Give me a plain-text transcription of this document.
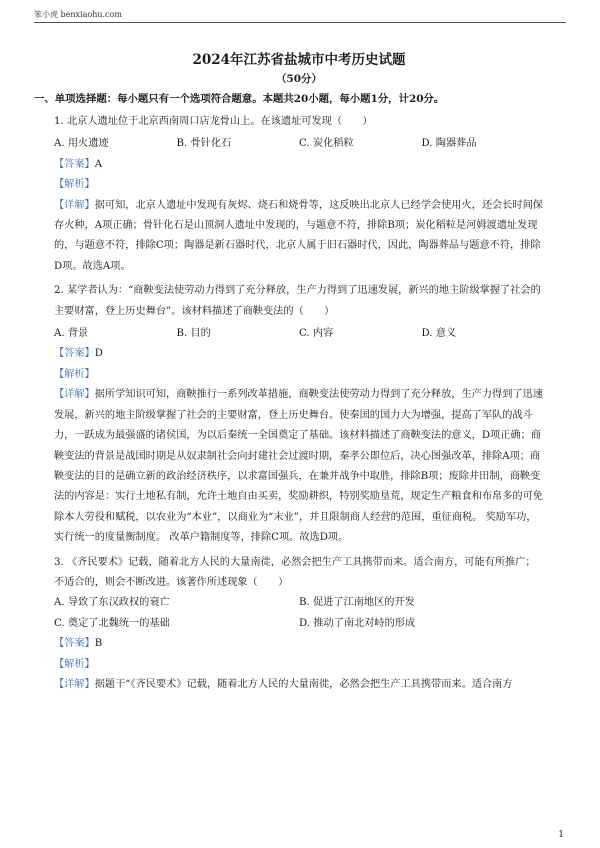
笨小虎 benxiaohu.com
2024年江苏省盐城市中考历史试题
（50分）
一、单项选择题：每小题只有一个选项符合题意。本题共20小题，每小题1分，计20分。

1. 北京人遗址位于北京西南周口店龙骨山上。在该遗址可发现（　　）

A. 用火遗迹	B. 骨针化石	C. 炭化稻粒	D. 陶器葬品

【答案】A

【解析】

【详解】据可知，北京人遗址中发现有灰烬、烧石和烧骨等，这反映出北京人已经学会使用火，还会长时间保存火种，A项正确；骨针化石是山顶洞人遗址中发现的，与题意不符，排除B项；炭化稻粒是河姆渡遗址发现的，与题意不符，排除C项；陶器是新石器时代，北京人属于旧石器时代，因此，陶器葬品与题意不符，排除D项。故选A项。

2. 某学者认为：“商鞅变法使劳动力得到了充分释放，生产力得到了迅速发展，新兴的地主阶级掌握了社会的主要财富，登上历史舞台”。该材料描述了商鞅变法的（　　）

A. 背景	B. 目的	C. 内容	D. 意义

【答案】D

【解析】

【详解】据所学知识可知，商鞅推行一系列改革措施，商鞅变法使劳动力得到了充分释放，生产力得到了迅速发展，新兴的地主阶级掌握了社会的主要财富，登上历史舞台。使秦国的国力大为增强，提高了军队的战斗力，一跃成为最强盛的诸侯国，为以后秦统一全国奠定了基础。该材料描述了商鞅变法的意义，D项正确；商鞅变法的背景是战国时期是从奴隶制社会向封建社会过渡时期，秦孝公即位后，决心图强改革，排除A项；商鞅变法的目的是确立新的政治经济秩序，以求富国强兵，在兼并战争中取胜，排除B项；废除井田制，商鞅变法的内容是：实行土地私有制，允许土地自由买卖，奖励耕织，特别奖励垦荒，规定生产粮食和布帛多的可免除本人劳役和赋税，以农业为“本业”，以商业为“末业”，并且限制商人经营的范围，重征商税。 奖励军功，实行统一的度量衡制度。 改革户籍制度等，排除C项。故选D项。

3. 《齐民要术》记载，随着北方人民的大量南徙，必然会把生产工具携带而来。适合南方，可能有所推广；不适合的，则会不断改进。该著作所述现象（　　）

A. 导致了东汉政权的衰亡	B. 促进了江南地区的开发
C. 奠定了北魏统一的基础	D. 推动了南北对峙的形成

【答案】B

【解析】

【详解】据题干“《齐民要术》记载，随着北方人民的大量南徙，必然会把生产工具携带而来。适合南方

1
